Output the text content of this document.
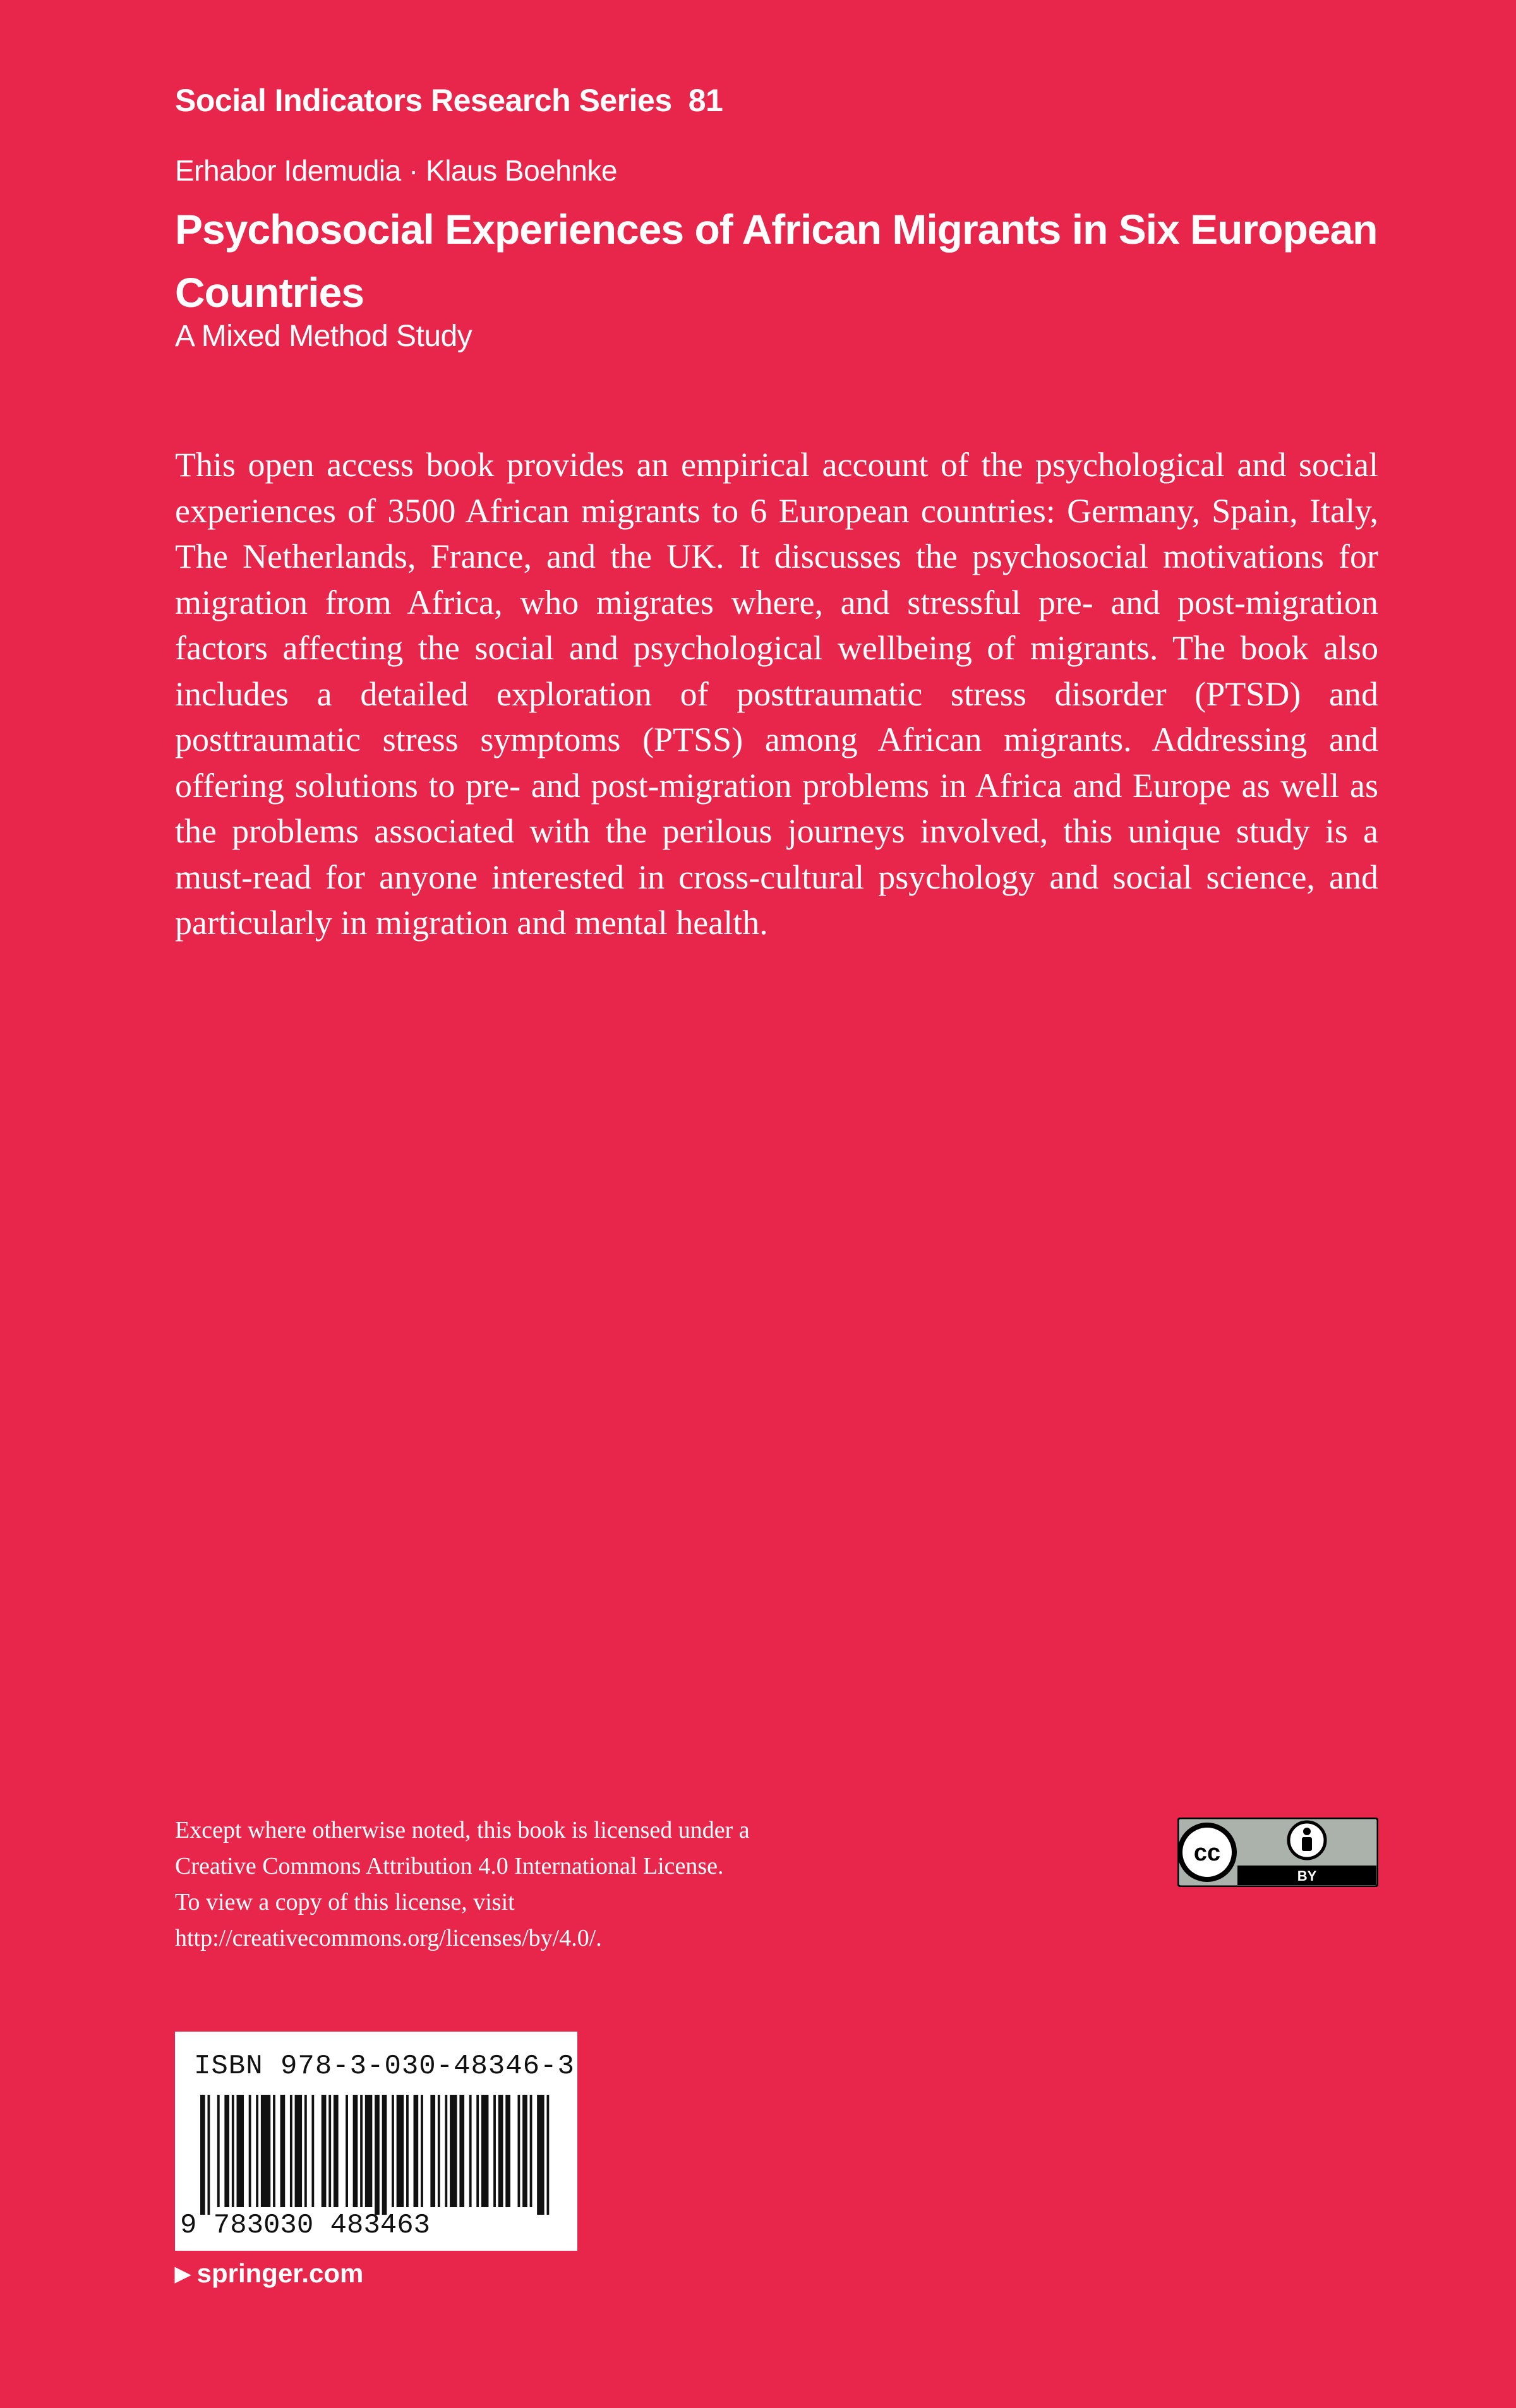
Social Indicators Research Series 81
Erhabor Idemudia · Klaus Boehnke
Psychosocial Experiences of African Migrants in Six European Countries
A Mixed Method Study

This open access book provides an empirical account of the psychological and social experiences of 3500 African migrants to 6 European countries: Germany, Spain, Italy, The Netherlands, France, and the UK. It discusses the psychosocial motivations for migration from Africa, who migrates where, and stressful pre- and post-migration factors affecting the social and psychological wellbeing of migrants. The book also includes a detailed exploration of posttraumatic stress disorder (PTSD) and posttraumatic stress symptoms (PTSS) among African migrants. Addressing and offering solutions to pre- and post-migration problems in Africa and Europe as well as the problems associated with the perilous journeys involved, this unique study is a must-read for anyone interested in cross-cultural psychology and social science, and particularly in migration and mental health.

Except where otherwise noted, this book is licensed under a
Creative Commons Attribution 4.0 International License.
To view a copy of this license, visit
http://creativecommons.org/licenses/by/4.0/.
cc
BY
ISBN 978-3-030-48346-3
9 783030 483463
▶ springer.com
